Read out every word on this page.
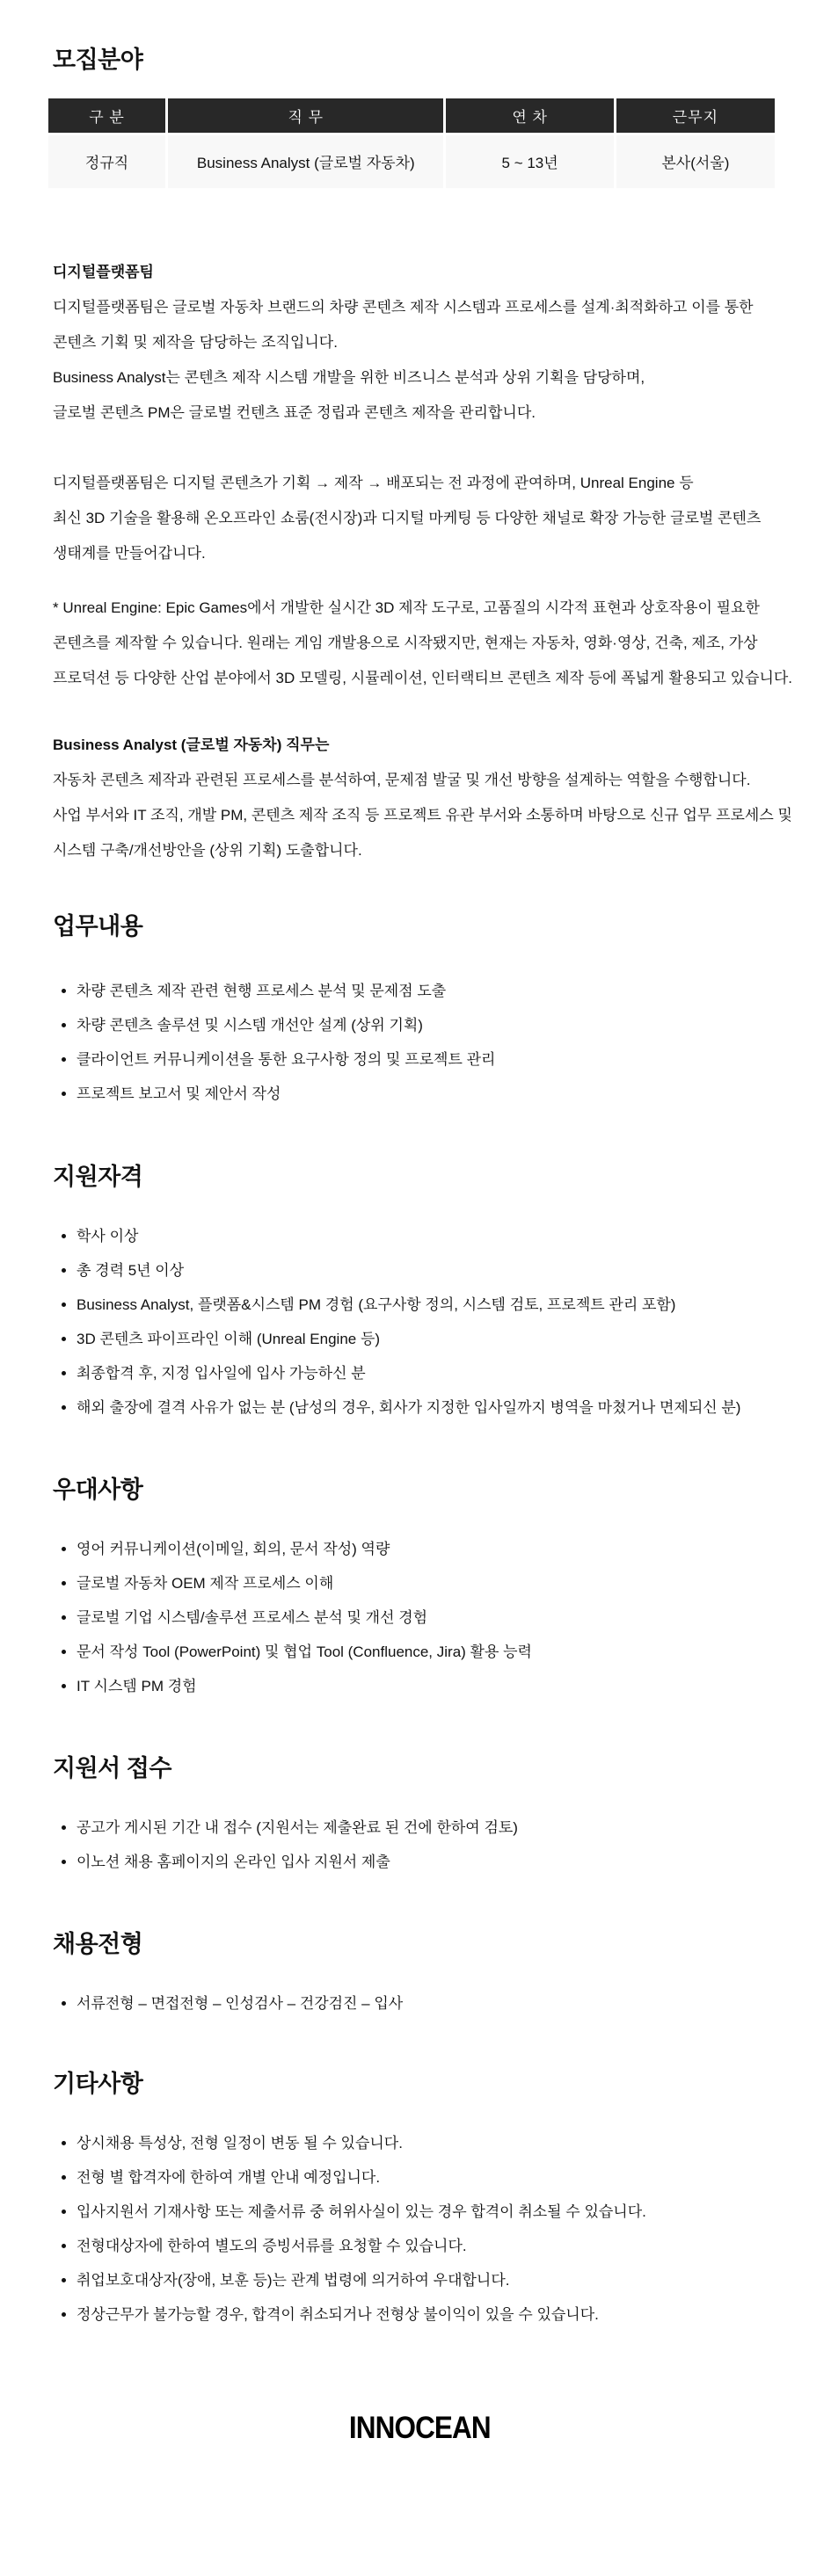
모집분야
구 분	직 무	연 차	근무지
정규직	Business Analyst (글로벌 자동차)	5 ~ 13년	본사(서울)

디지털플랫폼팀

디지털플랫폼팀은 글로벌 자동차 브랜드의 차량 콘텐츠 제작 시스템과 프로세스를 설계·최적화하고 이를 통한

콘텐츠 기획 및 제작을 담당하는 조직입니다.

Business Analyst는 콘텐츠 제작 시스템 개발을 위한 비즈니스 분석과 상위 기획을 담당하며,

글로벌 콘텐츠 PM은 글로벌 컨텐츠 표준 정립과 콘텐츠 제작을 관리합니다.

디지털플랫폼팀은 디지털 콘텐츠가 기획 → 제작 → 배포되는 전 과정에 관여하며, Unreal Engine 등

최신 3D 기술을 활용해 온오프라인 쇼룸(전시장)과 디지털 마케팅 등 다양한 채널로 확장 가능한 글로벌 콘텐츠

생태계를 만들어갑니다.

* Unreal Engine: Epic Games에서 개발한 실시간 3D 제작 도구로, 고품질의 시각적 표현과 상호작용이 필요한

콘텐츠를 제작할 수 있습니다. 원래는 게임 개발용으로 시작됐지만, 현재는 자동차, 영화·영상, 건축, 제조, 가상

프로덕션 등 다양한 산업 분야에서 3D 모델링, 시뮬레이션, 인터랙티브 콘텐츠 제작 등에 폭넓게 활용되고 있습니다.

Business Analyst (글로벌 자동차) 직무는

자동차 콘텐츠 제작과 관련된 프로세스를 분석하여, 문제점 발굴 및 개선 방향을 설계하는 역할을 수행합니다.

사업 부서와 IT 조직, 개발 PM, 콘텐츠 제작 조직 등 프로젝트 유관 부서와 소통하며 바탕으로 신규 업무 프로세스 및

시스템 구축/개선방안을 (상위 기획) 도출합니다.

업무내용
차량 콘텐츠 제작 관련 현행 프로세스 분석 및 문제점 도출
차량 콘텐츠 솔루션 및 시스템 개선안 설계 (상위 기획)
클라이언트 커뮤니케이션을 통한 요구사항 정의 및 프로젝트 관리
프로젝트 보고서 및 제안서 작성
지원자격
학사 이상
총 경력 5년 이상
Business Analyst, 플랫폼&시스템 PM 경험 (요구사항 정의, 시스템 검토, 프로젝트 관리 포함)
3D 콘텐츠 파이프라인 이해 (Unreal Engine 등)
최종합격 후, 지정 입사일에 입사 가능하신 분
해외 출장에 결격 사유가 없는 분 (남성의 경우, 회사가 지정한 입사일까지 병역을 마쳤거나 면제되신 분)
우대사항
영어 커뮤니케이션(이메일, 회의, 문서 작성) 역량
글로벌 자동차 OEM 제작 프로세스 이해
글로벌 기업 시스템/솔루션 프로세스 분석 및 개선 경험
문서 작성 Tool (PowerPoint) 및 협업 Tool (Confluence, Jira) 활용 능력
IT 시스템 PM 경험
지원서 접수
공고가 게시된 기간 내 접수 (지원서는 제출완료 된 건에 한하여 검토)
이노션 채용 홈페이지의 온라인 입사 지원서 제출
채용전형
서류전형 – 면접전형 – 인성검사 – 건강검진 – 입사
기타사항
상시채용 특성상, 전형 일정이 변동 될 수 있습니다.
전형 별 합격자에 한하여 개별 안내 예정입니다.
입사지원서 기재사항 또는 제출서류 중 허위사실이 있는 경우 합격이 취소될 수 있습니다.
전형대상자에 한하여 별도의 증빙서류를 요청할 수 있습니다.
취업보호대상자(장애, 보훈 등)는 관계 법령에 의거하여 우대합니다.
정상근무가 불가능할 경우, 합격이 취소되거나 전형상 불이익이 있을 수 있습니다.
INNOCEAN
